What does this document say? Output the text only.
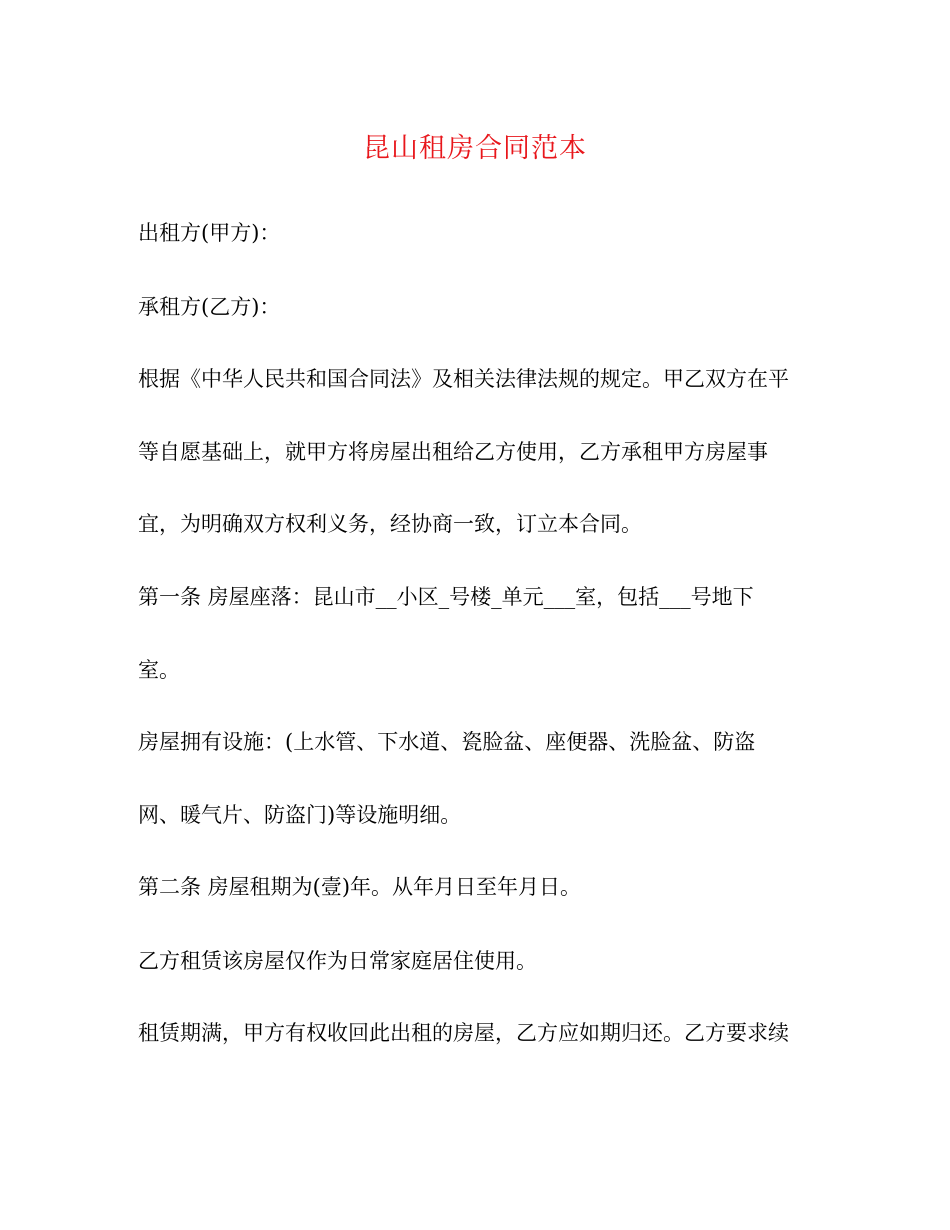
昆山租房合同范本
出租方(甲方)：
承租方(乙方)：
根据《中华人民共和国合同法》及相关法律法规的规定。甲乙双方在平
等自愿基础上，就甲方将房屋出租给乙方使用，乙方承租甲方房屋事
宜，为明确双方权利义务，经协商一致，订立本合同。
第一条 房屋座落：昆山市__小区_号楼_单元___室，包括___号地下
室。
房屋拥有设施：(上水管、下水道、瓷脸盆、座便器、洗脸盆、防盗
网、暖气片、防盗门)等设施明细。
第二条 房屋租期为(壹)年。从年月日至年月日。
乙方租赁该房屋仅作为日常家庭居住使用。
租赁期满，甲方有权收回此出租的房屋，乙方应如期归还。乙方要求续
